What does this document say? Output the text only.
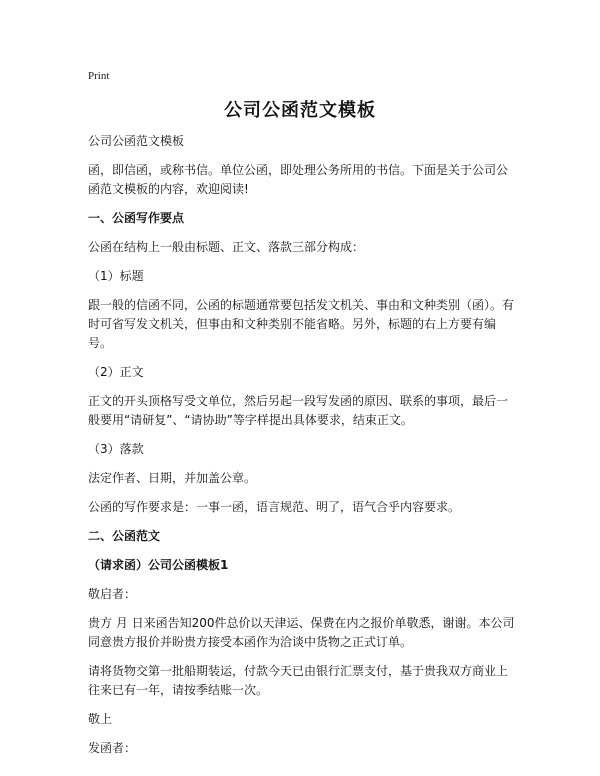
Print
公司公函范文模板

公司公函范文模板

函，即信函，或称书信。单位公函，即处理公务所用的书信。下面是关于公司公函范文模板的内容，欢迎阅读!

一、公函写作要点

公函在结构上一般由标题、正文、落款三部分构成：

（1）标题

跟一般的信函不同，公函的标题通常要包括发文机关、事由和文种类别（函）。有时可省写发文机关，但事由和文种类别不能省略。另外，标题的右上方要有编号。

（2）正文

正文的开头顶格写受文单位，然后另起一段写发函的原因、联系的事项，最后一般要用“请研复”、“请协助”等字样提出具体要求，结束正文。

（3）落款

法定作者、日期，并加盖公章。

公函的写作要求是：一事一函，语言规范、明了，语气合乎内容要求。

二、公函范文

（请求函）公司公函模板1

敬启者：

贵方 月 日来函告知200件总价以天津运、保费在内之报价单敬悉，谢谢。本公司同意贵方报价并盼贵方接受本函作为洽谈中货物之正式订单。

请将货物交第一批船期装运，付款今天已由银行汇票支付，基于贵我双方商业上往来已有一年，请按季结账一次。

敬上

发函者：
